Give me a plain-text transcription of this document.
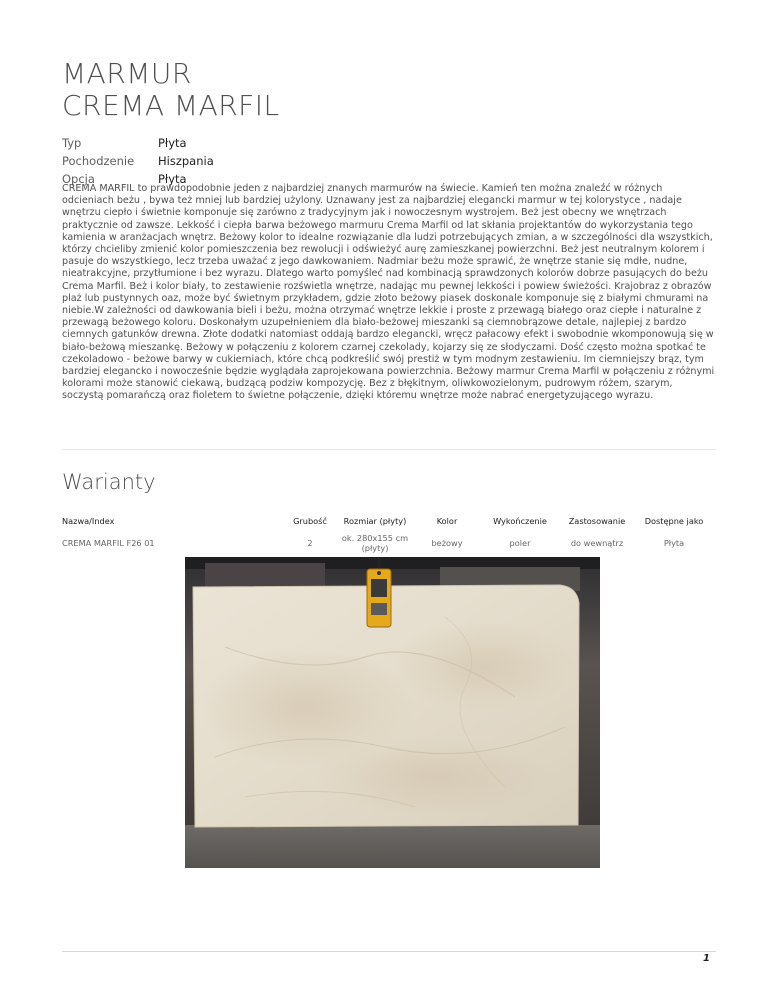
MARMUR
CREMA MARFIL
Typ	Płyta
Pochodzenie	Hiszpania
Opcja	Płyta

CREMA MARFIL to prawdopodobnie jeden z najbardziej znanych marmurów na świecie. Kamień ten można znaleźć w różnych odcieniach beżu , bywa też mniej lub bardziej użylony. Uznawany jest za najbardziej elegancki marmur w tej kolorystyce , nadaje wnętrzu ciepło i świetnie komponuje się zarówno z tradycyjnym jak i nowoczesnym wystrojem. Beż jest obecny we wnętrzach praktycznie od zawsze. Lekkość i ciepła barwa beżowego marmuru Crema Marfil od lat skłania projektantów do wykorzystania tego kamienia w aranżacjach wnętrz. Beżowy kolor to idealne rozwiązanie dla ludzi potrzebujących zmian, a w szczególności dla wszystkich, którzy chcieliby zmienić kolor pomieszczenia bez rewolucji i odświeżyć aurę zamieszkanej powierzchni. Beż jest neutralnym kolorem i pasuje do wszystkiego, lecz trzeba uważać z jego dawkowaniem. Nadmiar beżu może sprawić, że wnętrze stanie się mdłe, nudne, nieatrakcyjne, przytłumione i bez wyrazu. Dlatego warto pomyśleć nad kombinacją sprawdzonych kolorów dobrze pasujących do beżu Crema Marfil. Beż i kolor biały, to zestawienie rozświetla wnętrze, nadając mu pewnej lekkości i powiew świeżości. Krajobraz z obrazów plaż lub pustynnych oaz, może być świetnym przykładem, gdzie złoto beżowy piasek doskonale komponuje się z białymi chmurami na niebie.W zależności od dawkowania bieli i beżu, można otrzymać wnętrze lekkie i proste z przewagą białego oraz ciepłe i naturalne z przewagą beżowego koloru. Doskonałym uzupełnieniem dla biało-beżowej mieszanki są ciemnobrązowe detale, najlepiej z bardzo ciemnych gatunków drewna. Złote dodatki natomiast oddają bardzo elegancki, wręcz pałacowy efekt i swobodnie wkomponowują się w biało-beżową mieszankę. Beżowy w połączeniu z kolorem czarnej czekolady, kojarzy się ze słodyczami. Dość często można spotkać te czekoladowo - beżowe barwy w cukierniach, które chcą podkreślić swój prestiż w tym modnym zestawieniu. Im ciemniejszy brąz, tym bardziej elegancko i nowocześnie będzie wyglądała zaprojekowana powierzchnia. Beżowy marmur Crema Marfil w połączeniu z różnymi kolorami może stanowić ciekawą, budzącą podziw kompozycję. Bez z błękitnym, oliwkowozielonym, pudrowym różem, szarym, soczystą pomarańczą oraz fioletem to świetne połączenie, dzięki któremu wnętrze może nabrać energetyzującego wyrazu.

Warianty
Nazwa/Index	Grubość	Rozmiar (płyty)	Kolor	Wykończenie	Zastosowanie	Dostępne jako
CREMA MARFIL F26 01	2	ok. 280x155 cm (płyty)	beżowy	poler	do wewnątrz	Płyta
1
